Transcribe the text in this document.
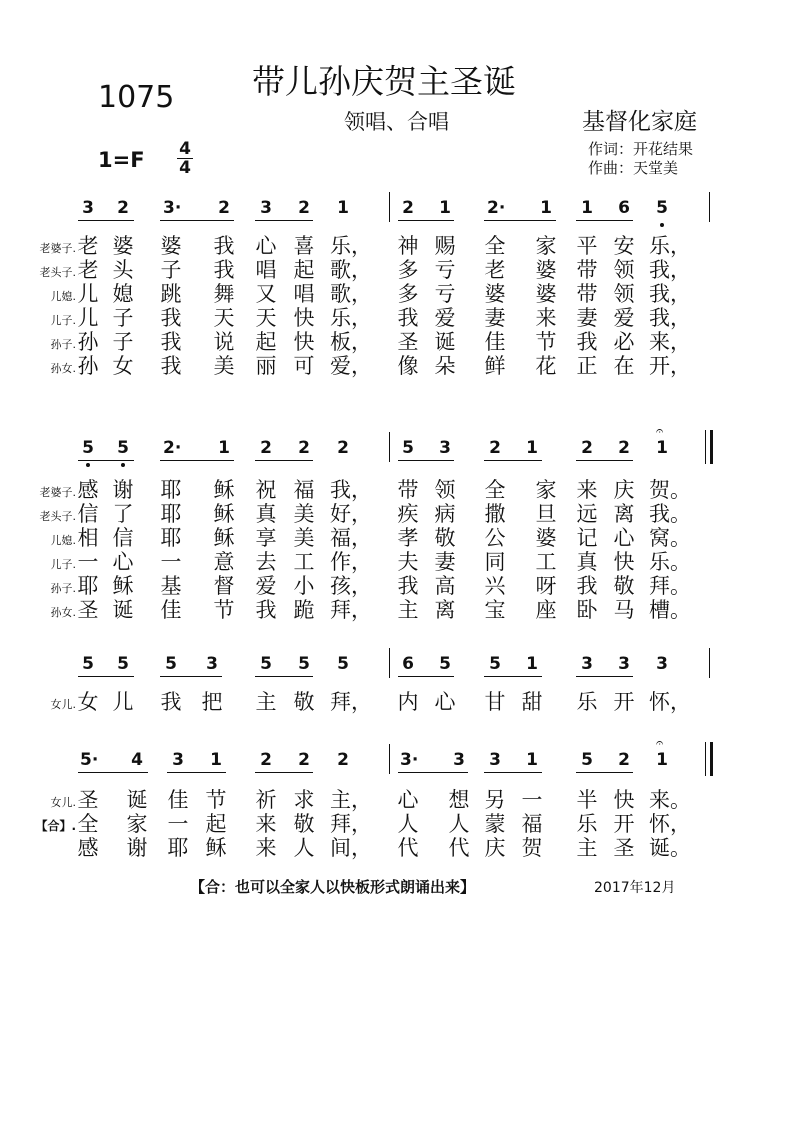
1075 带儿孙庆贺主圣诞
领唱、合唱	基督化家庭
1=F 4
4
作词：开花结果
作曲：天堂美
3 2 3· 2 3 2 1	2 1 2· 1 1 6 5
老婆子. 老 婆 婆 我 心 喜 乐， 神 赐 全 家 平 安 乐，
老头子. 老 头 子 我 唱 起 歌， 多 亏 老 婆 带 领 我，
儿媳. 儿 媳 跳 舞 又 唱 歌， 多 亏 婆 婆 带 领 我，
儿子. 儿 子 我 天 天 快 乐， 我 爱 妻 来 妻 爱 我，
孙子. 孙 子 我 说 起 快 板， 圣 诞 佳 节 我 必 来，
孙女. 孙 女 我 美 丽 可 爱， 像 朵 鲜 花 正 在 开，
5 5 2· 1 2 2 2	5 3 2 1	2 2 1
𝄐
老婆子. 感 谢 耶 稣 祝 福 我， 带 领 全 家 来 庆 贺。
老头子. 信 了 耶 稣 真 美 好， 疾 病 撒 旦 远 离 我。
儿媳. 相 信 耶 稣 享 美 福， 孝 敬 公 婆 记 心 窝。
儿子. 一 心 一 意 去 工 作， 夫 妻 同 工 真 快 乐。
孙子. 耶 稣 基 督 爱 小 孩， 我 高 兴 呀 我 敬 拜。
孙女. 圣 诞 佳 节 我 跪 拜， 主 离 宝 座 卧 马 槽。
5 5 5 3 5 5 5	6 5 5 1	3 3 3
女儿. 女 儿 我 把 主 敬 拜， 内 心 甘 甜 乐 开 怀，
5· 4 3 1 2 2 2	3· 3 3 1	5 2 1
𝄐
女儿. 圣 诞 佳 节 祈 求 主， 心 想 另 一 半 快 来。
【合】. 全 家 一 起 来 敬 拜， 人 人 蒙 福 乐 开 怀，
感 谢 耶 稣 来 人 间， 代 代 庆 贺 主 圣 诞。
【合：也可以全家人以快板形式朗诵出来】	2017年12月
